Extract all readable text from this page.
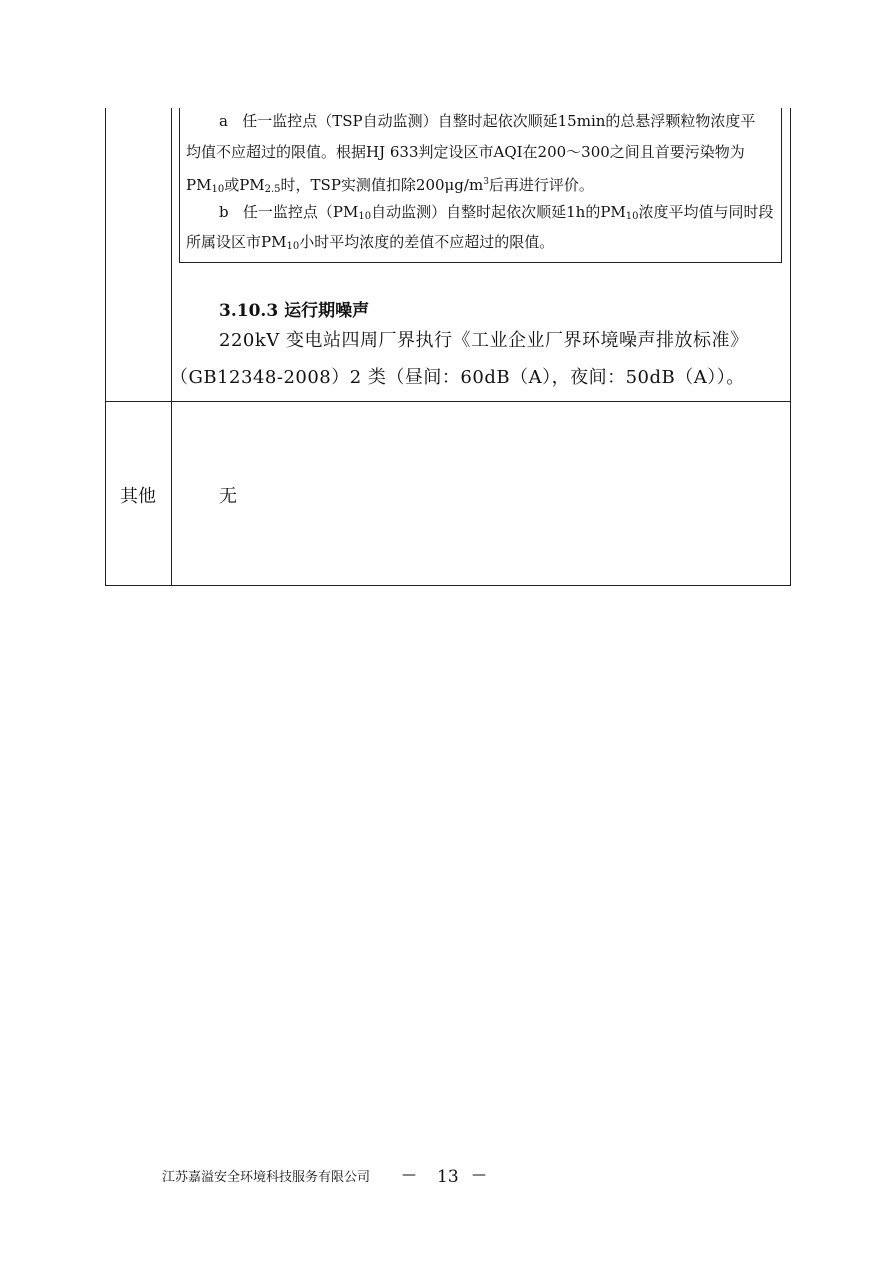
a 任一监控点（TSP自动监测）自整时起依次顺延15min的总悬浮颗粒物浓度平
均值不应超过的限值。根据HJ 633判定设区市AQI在200～300之间且首要污染物为
$PM_{10}$或$PM_{2.5}$时，TSP实测值扣除$200\mu g/m^3$后再进行评价。
b 任一监控点（$PM_{10}$自动监测）自整时起依次顺延1h的$PM_{10}$浓度平均值与同时段
所属设区市$PM_{10}$小时平均浓度的差值不应超过的限值。
3.10.3 运行期噪声
220kV 变电站四周厂界执行《工业企业厂界环境噪声排放标准》
（GB12348-2008）2 类（昼间：60dB（A），夜间：50dB（A））。
其他	无
江苏嘉溢安全环境科技服务有限公司 — 13 —
